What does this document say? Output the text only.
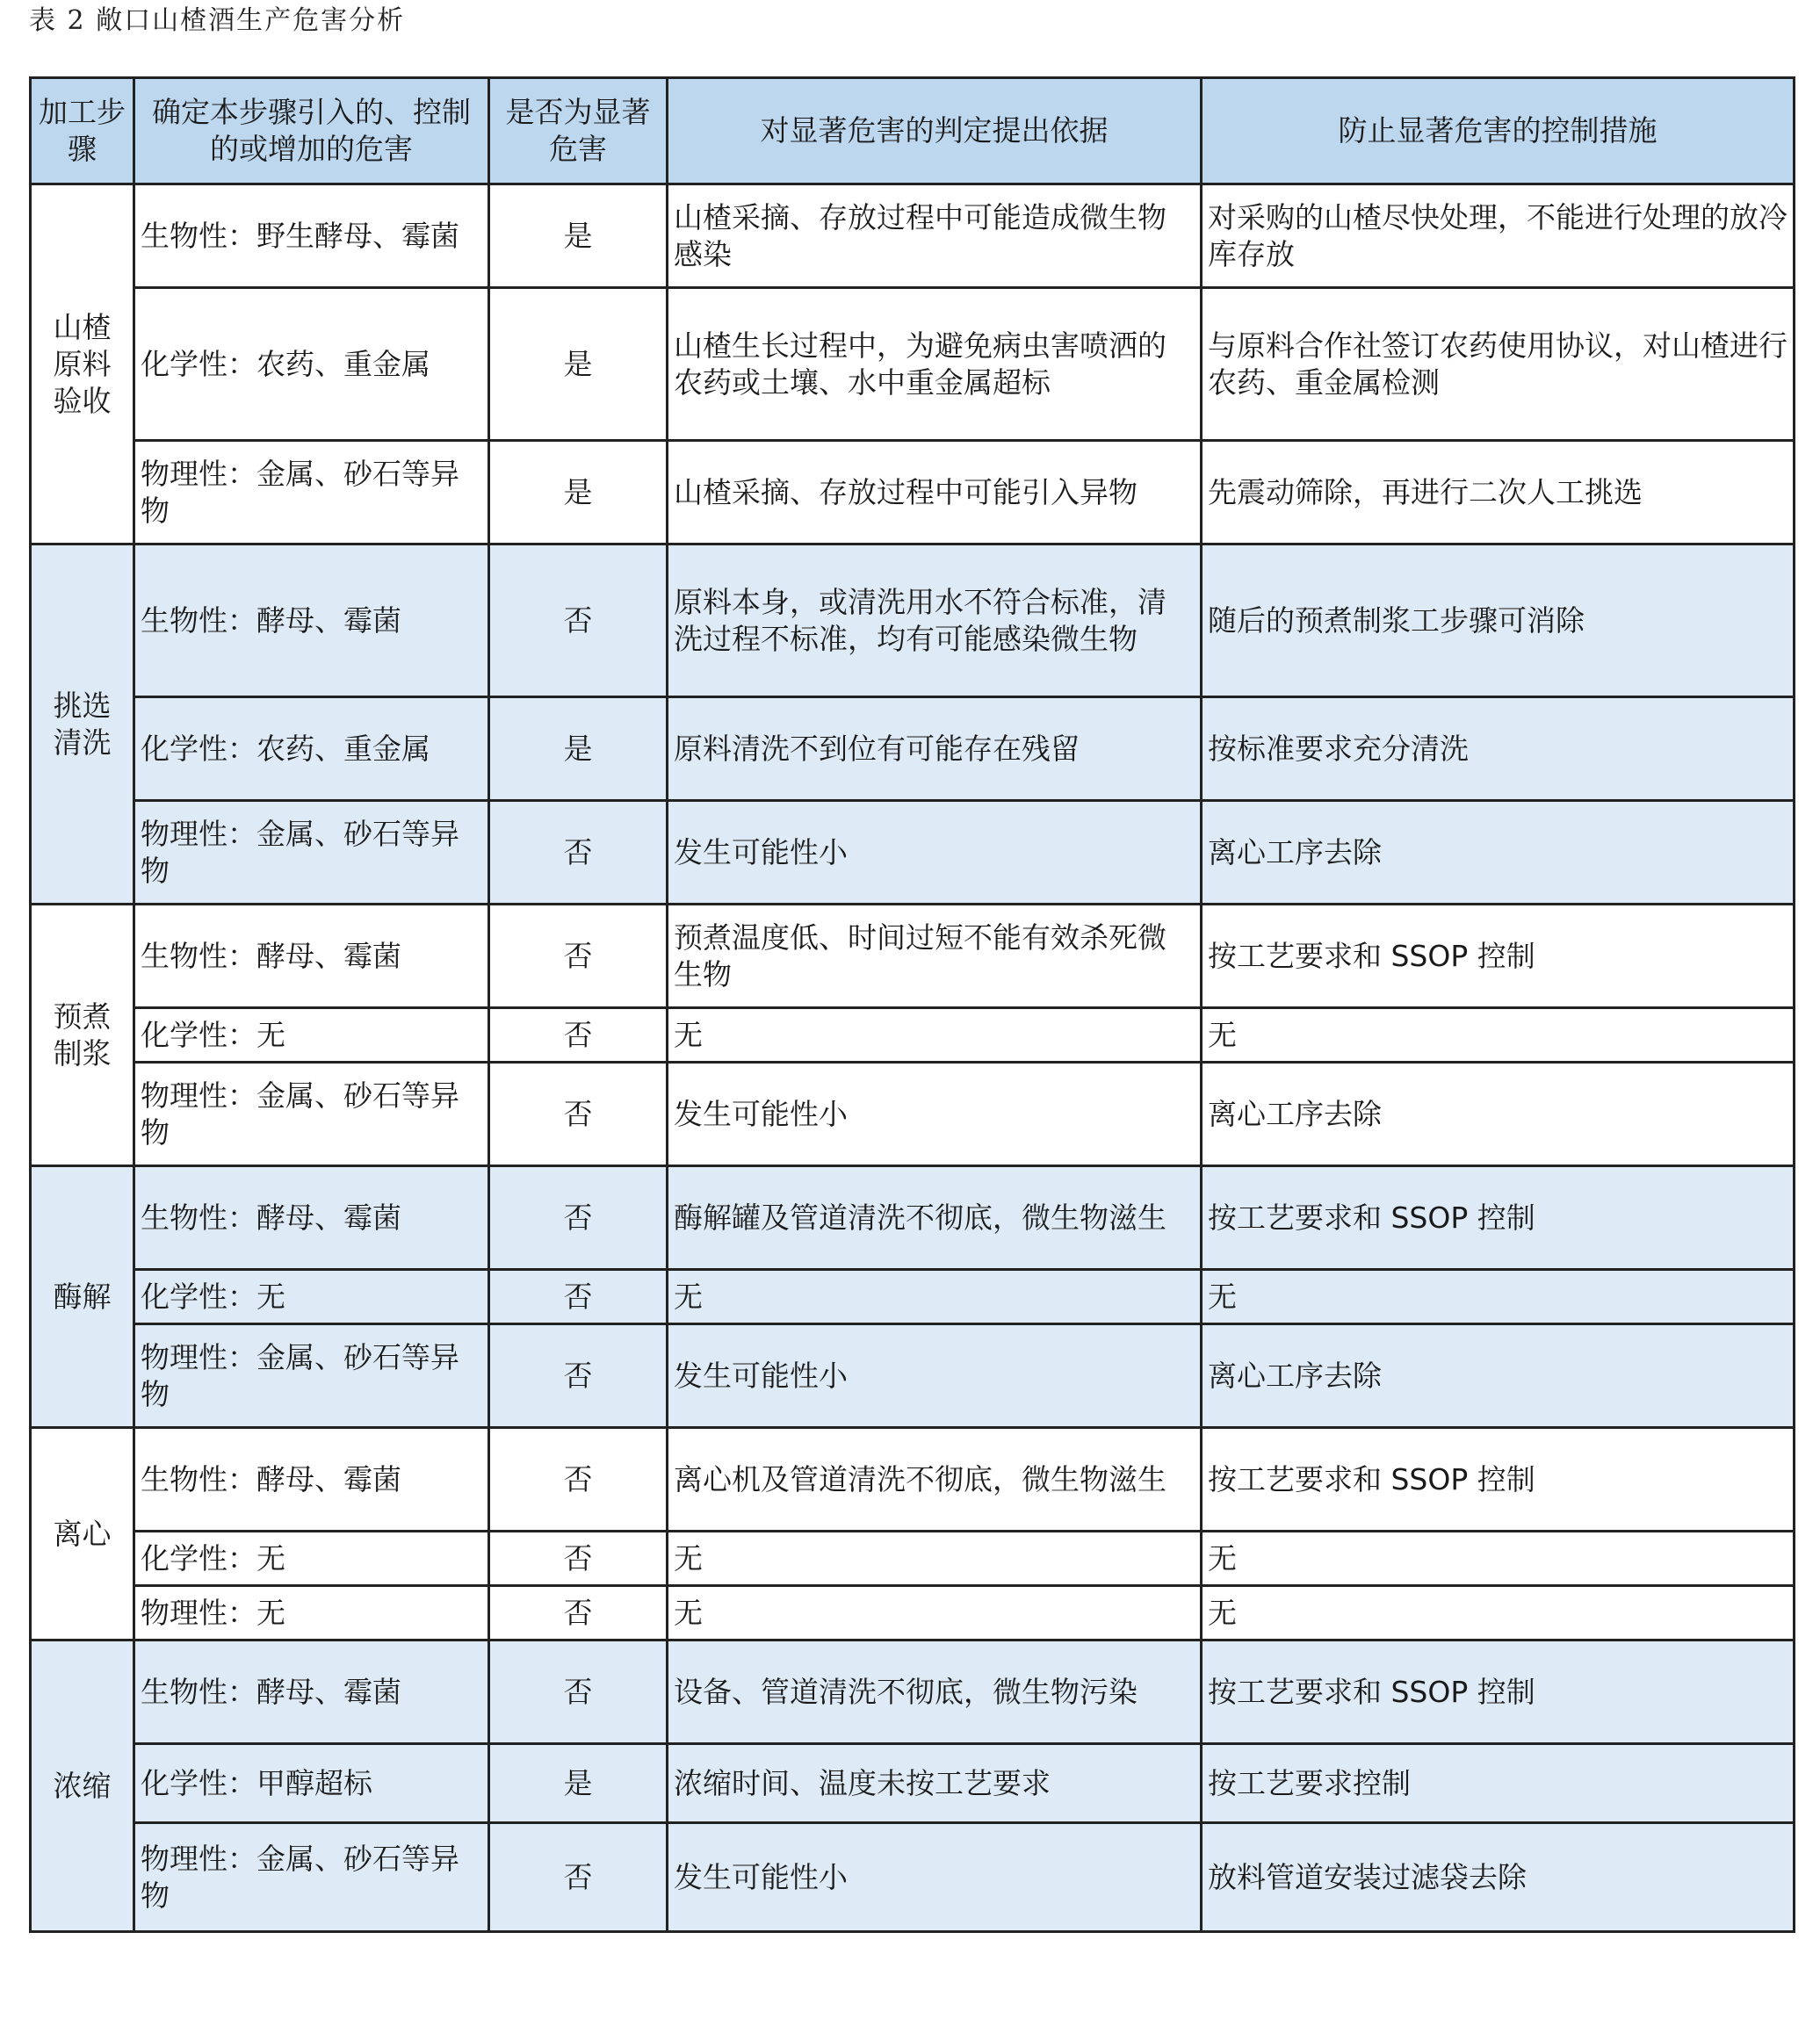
表 2 敞口山楂酒生产危害分析
加工步骤	确定本步骤引入的、控制的或增加的危害	是否为显著危害	对显著危害的判定提出依据	防止显著危害的控制措施
山楂原料验收	生物性：野生酵母、霉菌	是	山楂采摘、存放过程中可能造成微生物感染	对采购的山楂尽快处理，不能进行处理的放冷库存放
	化学性：农药、重金属	是	山楂生长过程中，为避免病虫害喷洒的农药或土壤、水中重金属超标	与原料合作社签订农药使用协议，对山楂进行农药、重金属检测
	物理性：金属、砂石等异物	是	山楂采摘、存放过程中可能引入异物	先震动筛除，再进行二次人工挑选
挑选清洗	生物性：酵母、霉菌	否	原料本身，或清洗用水不符合标准，清洗过程不标准，均有可能感染微生物	随后的预煮制浆工步骤可消除
	化学性：农药、重金属	是	原料清洗不到位有可能存在残留	按标准要求充分清洗
	物理性：金属、砂石等异物	否	发生可能性小	离心工序去除
预煮制浆	生物性：酵母、霉菌	否	预煮温度低、时间过短不能有效杀死微生物	按工艺要求和 SSOP 控制
	化学性：无	否	无	无
	物理性：金属、砂石等异物	否	发生可能性小	离心工序去除
酶解	生物性：酵母、霉菌	否	酶解罐及管道清洗不彻底，微生物滋生	按工艺要求和 SSOP 控制
	化学性：无	否	无	无
	物理性：金属、砂石等异物	否	发生可能性小	离心工序去除
离心	生物性：酵母、霉菌	否	离心机及管道清洗不彻底，微生物滋生	按工艺要求和 SSOP 控制
	化学性：无	否	无	无
	物理性：无	否	无	无
浓缩	生物性：酵母、霉菌	否	设备、管道清洗不彻底，微生物污染	按工艺要求和 SSOP 控制
	化学性：甲醇超标	是	浓缩时间、温度未按工艺要求	按工艺要求控制
	物理性：金属、砂石等异物	否	发生可能性小	放料管道安装过滤袋去除
